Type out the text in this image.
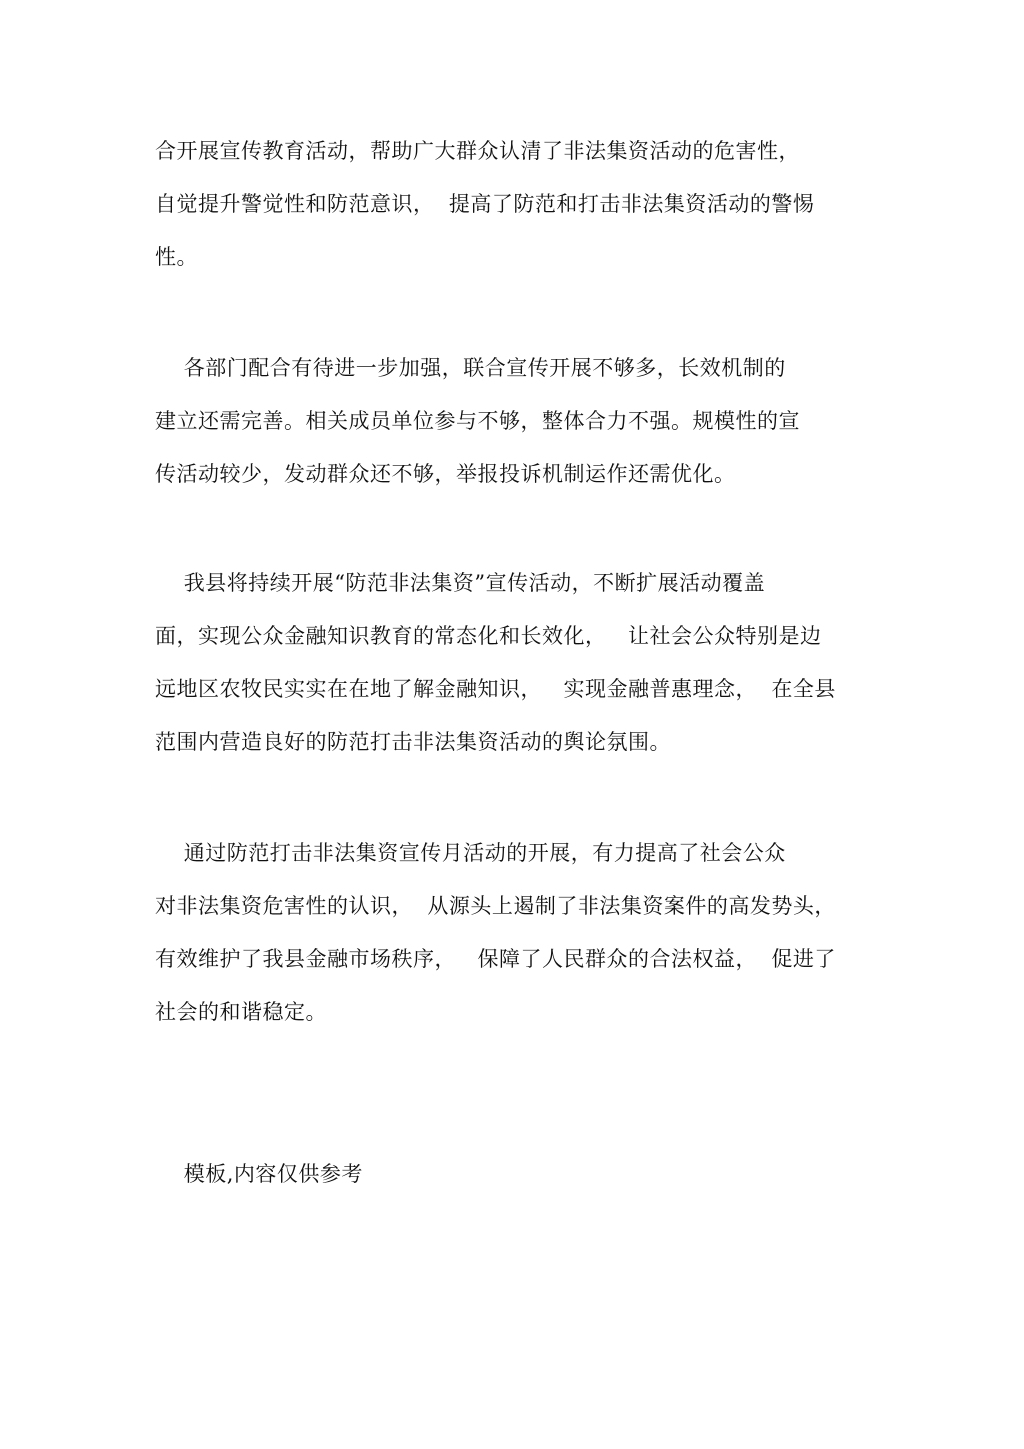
合开展宣传教育活动，帮助广大群众认清了非法集资活动的危害性，
自觉提升警觉性和防范意识，  提高了防范和打击非法集资活动的警惕
性。
各部门配合有待进一步加强，联合宣传开展不够多，长效机制的
建立还需完善。相关成员单位参与不够，整体合力不强。规模性的宣
传活动较少，发动群众还不够，举报投诉机制运作还需优化。
我县将持续开展“防范非法集资”宣传活动，不断扩展活动覆盖
面，实现公众金融知识教育的常态化和长效化，   让社会公众特别是边
远地区农牧民实实在在地了解金融知识，   实现金融普惠理念，  在全县
范围内营造良好的防范打击非法集资活动的舆论氛围。
通过防范打击非法集资宣传月活动的开展，有力提高了社会公众
对非法集资危害性的认识，  从源头上遏制了非法集资案件的高发势头，
有效维护了我县金融市场秩序，   保障了人民群众的合法权益，  促进了
社会的和谐稳定。
模板,内容仅供参考
